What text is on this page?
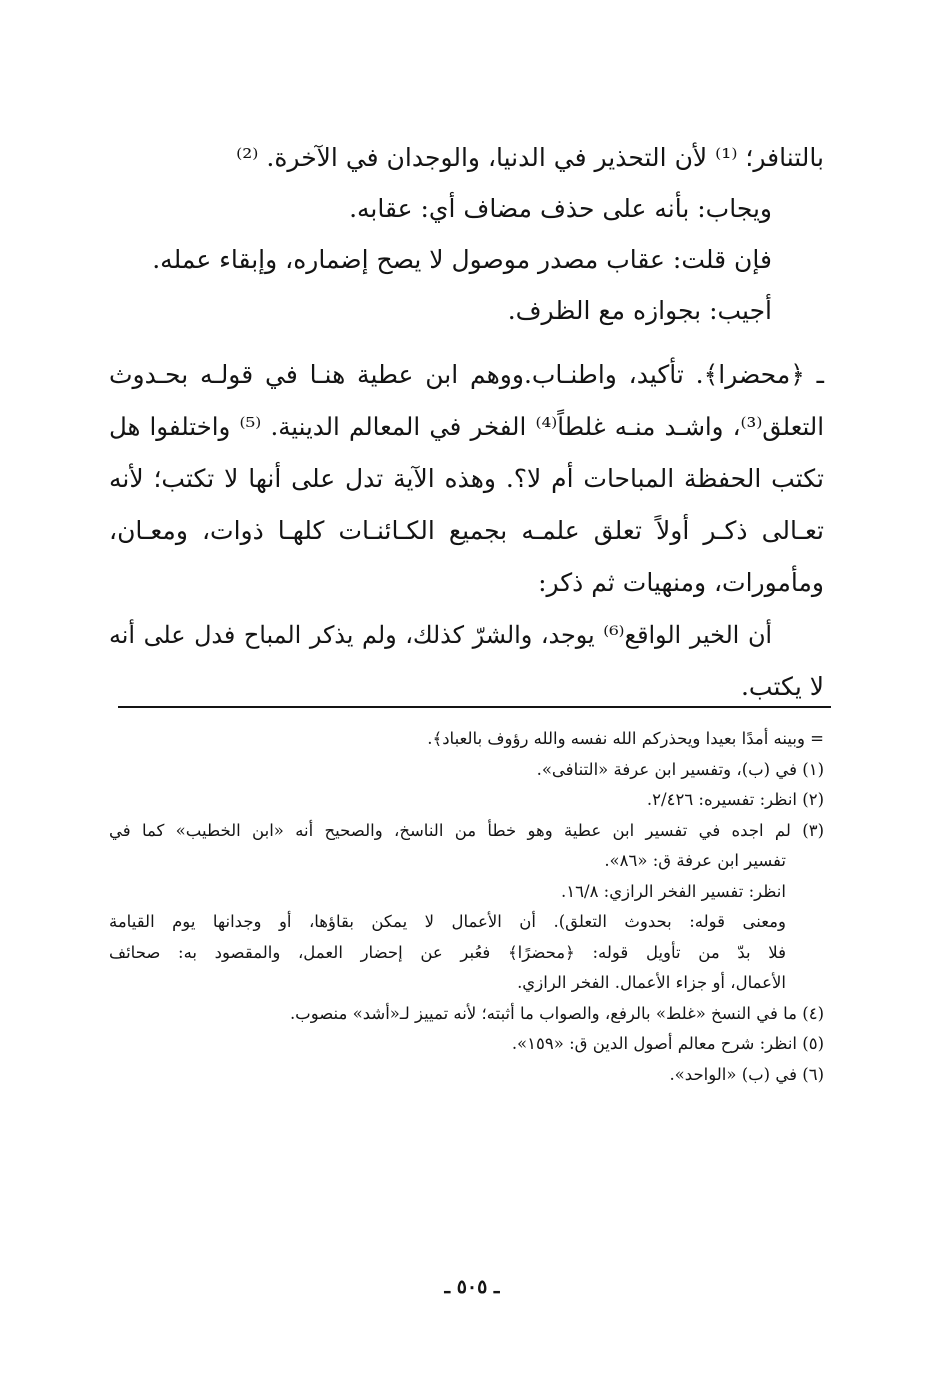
بالتنافر؛ ⁽¹⁾ لأن التحذير في الدنيا، والوجدان في الآخرة. ⁽²⁾

ويجاب: بأنه على حذف مضاف أي: عقابه.

فإن قلت: عقاب مصدر موصول لا يصح إضماره، وإبقاء عمله.

أجيب: بجوازه مع الظرف.

ـ ﴿محضرا﴾. تأكيد، واطنـاب.ووهم ابن عطية هنـا في قولـه بحـدوث

التعلق⁽³⁾، واشـد منـه غلطاً⁽⁴⁾ الفخر في المعالم الدينية. ⁽⁵⁾ واختلفوا هل

تكتب الحفظة المباحات أم لا؟. وهذه الآية تدل على أنها لا تكتب؛ لأنه

تعـالى ذكـر أولاً تعلق علمـه بجميع الكـائنـات كلهـا ذوات، ومعـان،

ومأمورات، ومنهيات ثم ذكر:

أن الخير الواقع⁽⁶⁾ يوجد، والشرّ كذلك، ولم يذكر المباح فدل على أنه

لا يكتب.

= وبينه أمدًا بعيدا ويحذركم الله نفسه والله رؤوف بالعباد﴾.

(١) في (ب)، وتفسير ابن عرفة «التنافى».

(٢) انظر: تفسيره: ٢/٤٢٦.

(٣) لم اجده في تفسير ابن عطية وهو خطأ من الناسخ، والصحيح أنه «ابن الخطيب» كما في

تفسير ابن عرفة ق: «٨٦».

انظر: تفسير الفخر الرازي: ١٦/٨.

ومعنى قوله: بحدوث التعلق). أن الأعمال لا يمكن بقاؤها، أو وجدانها يوم القيامة

فلا بدّ من تأويل قوله: ﴿محضرًا﴾ فعُبر عن إحضار العمل، والمقصود به: صحائف

الأعمال، أو جزاء الأعمال. الفخر الرازي.

(٤) ما في النسخ «غلط» بالرفع، والصواب ما أثبته؛ لأنه تمييز لـ«أشد» منصوب.

(٥) انظر: شرح معالم أصول الدين ق: «١٥٩».

(٦) في (ب) «الواحد».

ـ ٥٠٥ ـ
